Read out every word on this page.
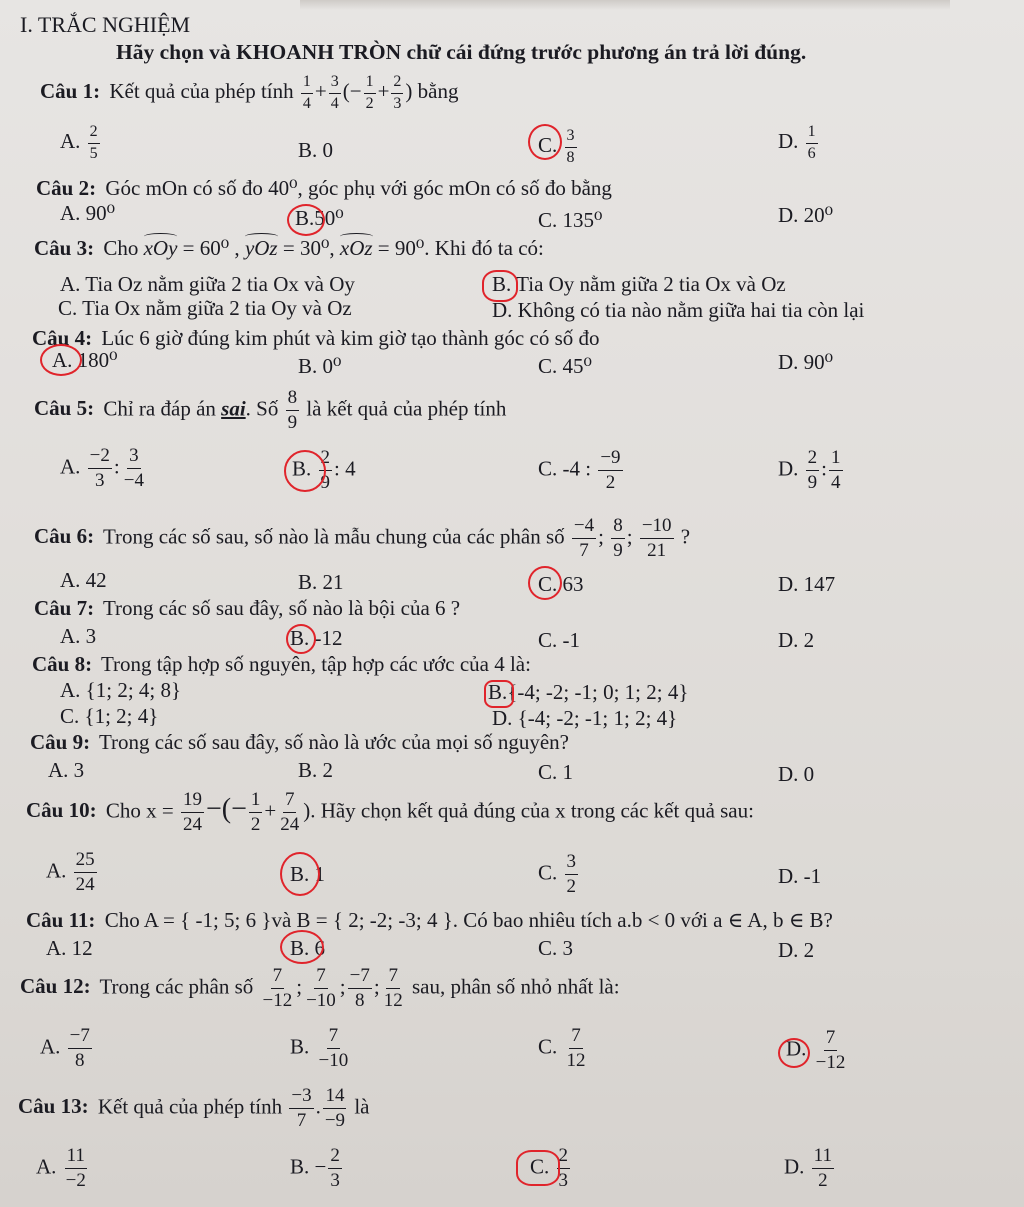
I. TRẮC NGHIỆM
Hãy chọn và KHOANH TRÒN chữ cái đứng trước phương án trả lời đúng.
Câu 1: Kết quả của phép tính $\frac{1}{4} + \frac{3}{4}$ (− $\frac{1}{2} + \frac{2}{3}$ ) bằng
A. $\frac{2}{5}$	B. 0	C. $\frac{3}{8}$	D. $\frac{1}{6}$
Câu 2: Góc mOn có số đo 40⁰, góc phụ với góc mOn có số đo bằng
A. 90⁰	B.50⁰	C. 135⁰	D. 20⁰
Câu 3: Cho xOy = 60⁰ , yOz = 30⁰, xOz = 90⁰. Khi đó ta có:
A. Tia Oz nằm giữa 2 tia Ox và Oy	B. Tia Oy nằm giữa 2 tia Ox và Oz
C. Tia Ox nằm giữa 2 tia Oy và Oz	D. Không có tia nào nằm giữa hai tia còn lại
Câu 4: Lúc 6 giờ đúng kim phút và kim giờ tạo thành góc có số đo
A. 180⁰	B. 0⁰	C. 45⁰	D. 90⁰
Câu 5: Chỉ ra đáp án sai. Số $\frac{8}{9}$ là kết quả của phép tính
A. $\frac{-2}{3}$ : $\frac{3}{-4}$	B. $\frac{2}{9}$ : 4	C. -4 : $\frac{-9}{2}$	D. $\frac{2}{9}$ : $\frac{1}{4}$
Câu 6: Trong các số sau, số nào là mẫu chung của các phân số $\frac{-4}{7}$ ; $\frac{8}{9}$ ; $\frac{-10}{21}$ ?
A. 42	B. 21	C. 63	D. 147
Câu 7: Trong các số sau đây, số nào là bội của 6 ?
A. 3	B. -12	C. -1	D. 2
Câu 8: Trong tập hợp số nguyên, tập hợp các ước của 4 là:
A. {1; 2; 4; 8}	B.{-4; -2; -1; 0; 1; 2; 4}
C. {1; 2; 4}	D. {-4; -2; -1; 1; 2; 4}
Câu 9: Trong các số sau đây, số nào là ước của mọi số nguyên?
A. 3	B. 2	C. 1	D. 0
Câu 10: Cho $x = \frac{19}{24}$ −(− $\frac{1}{2} + \frac{7}{24}$ ). Hãy chọn kết quả đúng của x trong các kết quả sau:
A. $\frac{25}{24}$	B. 1	C. $\frac{3}{2}$	D. -1
Câu 11: Cho A = { -1; 5; 6 }và B = { 2; -2; -3; 4 }. Có bao nhiêu tích a.b < 0 với a ∈ A, b ∈ B?
A. 12	B. 6	C. 3	D. 2
Câu 12: Trong các phân số $\frac{7}{-12}$ ; $\frac{7}{-10}$ ; $\frac{-7}{8}$ ; $\frac{7}{12}$ sau, phân số nhỏ nhất là:
A. $\frac{-7}{8}$	B. $\frac{7}{-10}$	C. $\frac{7}{12}$	D. $\frac{7}{-12}$
Câu 13: Kết quả của phép tính $\frac{-3}{7}$ . $\frac{14}{-9}$ là
A. $\frac{11}{-2}$	B. − $\frac{2}{3}$	C. $\frac{2}{3}$	D. $\frac{11}{2}$
